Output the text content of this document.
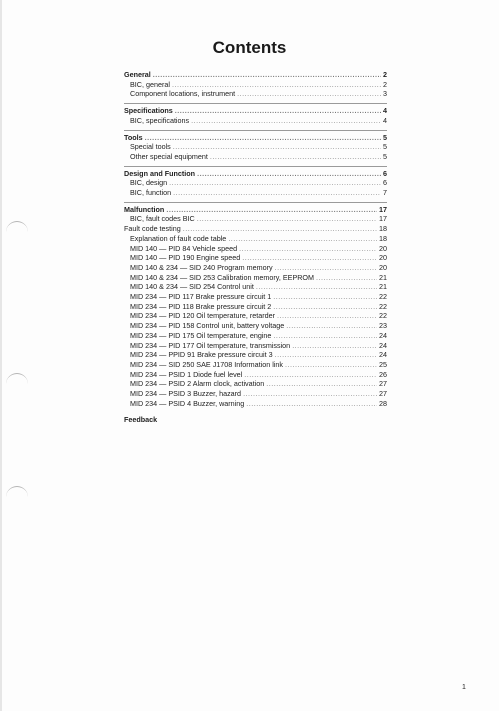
Contents
General .....	2
BIC, general .....	2
Component locations, instrument .....	3
Specifications .....	4
BIC, specifications .....	4
Tools .....	5
Special tools .....	5
Other special equipment .....	5
Design and Function .....	6
BIC, design .....	6
BIC, function .....	7
Malfunction .....	17
BIC, fault codes BIC .....	17
Fault code testing .....	18
Explanation of fault code table .....	18
MID 140 — PID 84 Vehicle speed .....	20
MID 140 — PID 190 Engine speed .....	20
MID 140 & 234 — SID 240 Program memory .....	20
MID 140 & 234 — SID 253 Calibration memory, EEPROM .....	21
MID 140 & 234 — SID 254 Control unit .....	21
MID 234 — PID 117 Brake pressure circuit 1 .....	22
MID 234 — PID 118 Brake pressure circuit 2 .....	22
MID 234 — PID 120 Oil temperature, retarder .....	22
MID 234 — PID 158 Control unit, battery voltage .....	23
MID 234 — PID 175 Oil temperature, engine .....	24
MID 234 — PID 177 Oil temperature, transmission .....	24
MID 234 — PPID 91 Brake pressure circuit 3 .....	24
MID 234 — SID 250 SAE J1708 Information link .....	25
MID 234 — PSID 1 Diode fuel level .....	26
MID 234 — PSID 2 Alarm clock, activation .....	27
MID 234 — PSID 3 Buzzer, hazard .....	27
MID 234 — PSID 4 Buzzer, warning .....	28
Feedback
1
